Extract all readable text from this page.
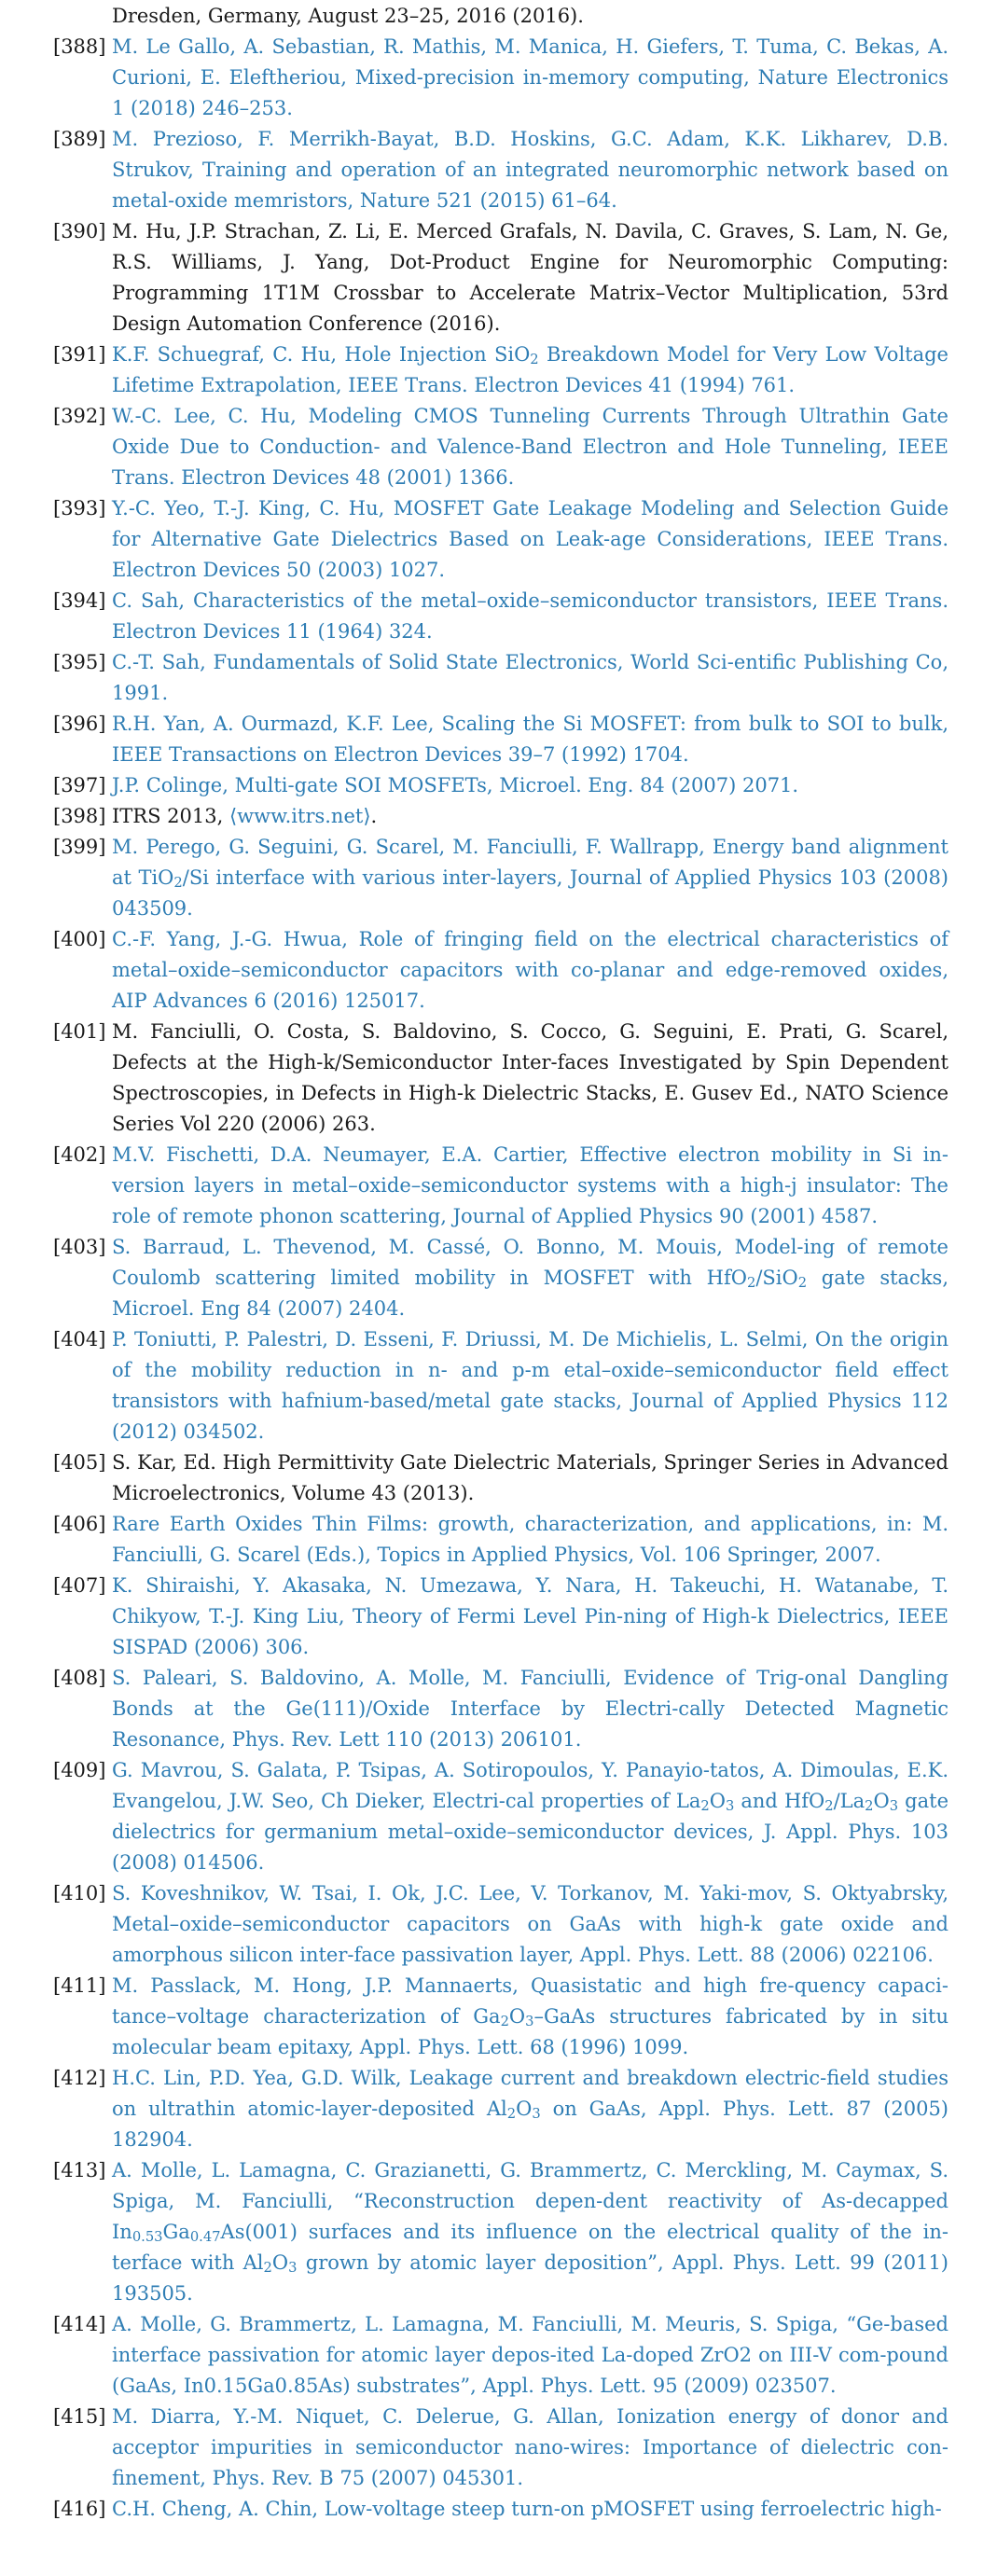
Dresden, Germany, August 23–25, 2016 (2016).

[388] M. Le Gallo, A. Sebastian, R. Mathis, M. Manica, H. Giefers, T. Tuma, C. Bekas, A. Curioni, E. Eleftheriou, Mixed-precision in-memory computing, Nature Electronics 1 (2018) 246–253.
[389] M. Prezioso, F. Merrikh-Bayat, B.D. Hoskins, G.C. Adam, K.K. Likharev, D.B. Strukov, Training and operation of an integrated neuromorphic network based on metal-oxide memristors, Nature 521 (2015) 61–64.
[390] M. Hu, J.P. Strachan, Z. Li, E. Merced Grafals, N. Davila, C. Graves, S. Lam, N. Ge, R.S. Williams, J. Yang, Dot-Product Engine for Neuromorphic Computing: Programming 1T1M Crossbar to Accelerate Matrix–Vector Multiplication, 53rd Design Automation Conference (2016).
[391] K.F. Schuegraf, C. Hu, Hole Injection SiO$_2$ Breakdown Model for Very Low Voltage Lifetime Extrapolation, IEEE Trans. Electron Devices 41 (1994) 761.
[392] W.-C. Lee, C. Hu, Modeling CMOS Tunneling Currents Through Ultrathin Gate Oxide Due to Conduction- and Valence-Band Electron and Hole Tunneling, IEEE Trans. Electron Devices 48 (2001) 1366.
[393] Y.-C. Yeo, T.-J. King, C. Hu, MOSFET Gate Leakage Modeling and Selection Guide for Alternative Gate Dielectrics Based on Leak-age Considerations, IEEE Trans. Electron Devices 50 (2003) 1027.
[394] C. Sah, Characteristics of the metal–oxide–semiconductor transistors, IEEE Trans. Electron Devices 11 (1964) 324.
[395] C.-T. Sah, Fundamentals of Solid State Electronics, World Sci-entific Publishing Co, 1991.
[396] R.H. Yan, A. Ourmazd, K.F. Lee, Scaling the Si MOSFET: from bulk to SOI to bulk, IEEE Transactions on Electron Devices 39–7 (1992) 1704.
[397] J.P. Colinge, Multi-gate SOI MOSFETs, Microel. Eng. 84 (2007) 2071.
[398] ITRS 2013, ⟨www.itrs.net⟩.
[399] M. Perego, G. Seguini, G. Scarel, M. Fanciulli, F. Wallrapp, Energy band alignment at TiO$_2$/Si interface with various inter-layers, Journal of Applied Physics 103 (2008) 043509.
[400] C.-F. Yang, J.-G. Hwua, Role of fringing field on the electrical characteristics of metal–oxide–semiconductor capacitors with co-planar and edge-removed oxides, AIP Advances 6 (2016) 125017.
[401] M. Fanciulli, O. Costa, S. Baldovino, S. Cocco, G. Seguini, E. Prati, G. Scarel, Defects at the High-k/Semiconductor Inter-faces Investigated by Spin Dependent Spectroscopies, in Defects in High-k Dielectric Stacks, E. Gusev Ed., NATO Science Series Vol 220 (2006) 263.
[402] M.V. Fischetti, D.A. Neumayer, E.A. Cartier, Effective electron mobility in Si in-version layers in metal–oxide–semiconductor systems with a high-j insulator: The role of remote phonon scattering, Journal of Applied Physics 90 (2001) 4587.
[403] S. Barraud, L. Thevenod, M. Cassé, O. Bonno, M. Mouis, Model-ing of remote Coulomb scattering limited mobility in MOSFET with HfO$_2$/SiO$_2$ gate stacks, Microel. Eng 84 (2007) 2404.
[404] P. Toniutti, P. Palestri, D. Esseni, F. Driussi, M. De Michielis, L. Selmi, On the origin of the mobility reduction in n- and p-m etal–oxide–semiconductor field effect transistors with hafnium-based/metal gate stacks, Journal of Applied Physics 112 (2012) 034502.
[405] S. Kar, Ed. High Permittivity Gate Dielectric Materials, Springer Series in Advanced Microelectronics, Volume 43 (2013).
[406] Rare Earth Oxides Thin Films: growth, characterization, and applications, in: M. Fanciulli, G. Scarel (Eds.), Topics in Applied Physics, Vol. 106 Springer, 2007.
[407] K. Shiraishi, Y. Akasaka, N. Umezawa, Y. Nara, H. Takeuchi, H. Watanabe, T. Chikyow, T.-J. King Liu, Theory of Fermi Level Pin-ning of High-k Dielectrics, IEEE SISPAD (2006) 306.
[408] S. Paleari, S. Baldovino, A. Molle, M. Fanciulli, Evidence of Trig-onal Dangling Bonds at the Ge(111)/Oxide Interface by Electri-cally Detected Magnetic Resonance, Phys. Rev. Lett 110 (2013) 206101.
[409] G. Mavrou, S. Galata, P. Tsipas, A. Sotiropoulos, Y. Panayio-tatos, A. Dimoulas, E.K. Evangelou, J.W. Seo, Ch Dieker, Electri-cal properties of $La_2O_3$ and $HfO_2/La_2O_3$ gate dielectrics for germanium metal–oxide–semiconductor devices, J. Appl. Phys. 103 (2008) 014506.
[410] S. Koveshnikov, W. Tsai, I. Ok, J.C. Lee, V. Torkanov, M. Yaki-mov, S. Oktyabrsky, Metal–oxide–semiconductor capacitors on GaAs with high-k gate oxide and amorphous silicon inter-face passivation layer, Appl. Phys. Lett. 88 (2006) 022106.
[411] M. Passlack, M. Hong, J.P. Mannaerts, Quasistatic and high fre-quency capaci-tance–voltage characterization of $Ga_2O_3$–GaAs structures fabricated by in situ molecular beam epitaxy, Appl. Phys. Lett. 68 (1996) 1099.
[412] H.C. Lin, P.D. Yea, G.D. Wilk, Leakage current and breakdown electric-field studies on ultrathin atomic-layer-deposited $Al_2O_3$ on GaAs, Appl. Phys. Lett. 87 (2005) 182904.
[413] A. Molle, L. Lamagna, C. Grazianetti, G. Brammertz, C. Merckling, M. Caymax, S. Spiga, M. Fanciulli, “Reconstruction depen-dent reactivity of As-decapped $In_{0.53}Ga_{0.47}As(001)$ surfaces and its influence on the electrical quality of the in-terface with $Al_2O_3$ grown by atomic layer deposition”, Appl. Phys. Lett. 99 (2011) 193505.
[414] A. Molle, G. Brammertz, L. Lamagna, M. Fanciulli, M. Meuris, S. Spiga, “Ge-based interface passivation for atomic layer depos-ited La-doped ZrO2 on III-V com-pound (GaAs, In0.15Ga0.85As) substrates”, Appl. Phys. Lett. 95 (2009) 023507.
[415] M. Diarra, Y.-M. Niquet, C. Delerue, G. Allan, Ionization energy of donor and acceptor impurities in semiconductor nano-wires: Importance of dielectric con-finement, Phys. Rev. B 75 (2007) 045301.
[416] C.H. Cheng, A. Chin, Low-voltage steep turn-on pMOSFET using ferroelectric high-
